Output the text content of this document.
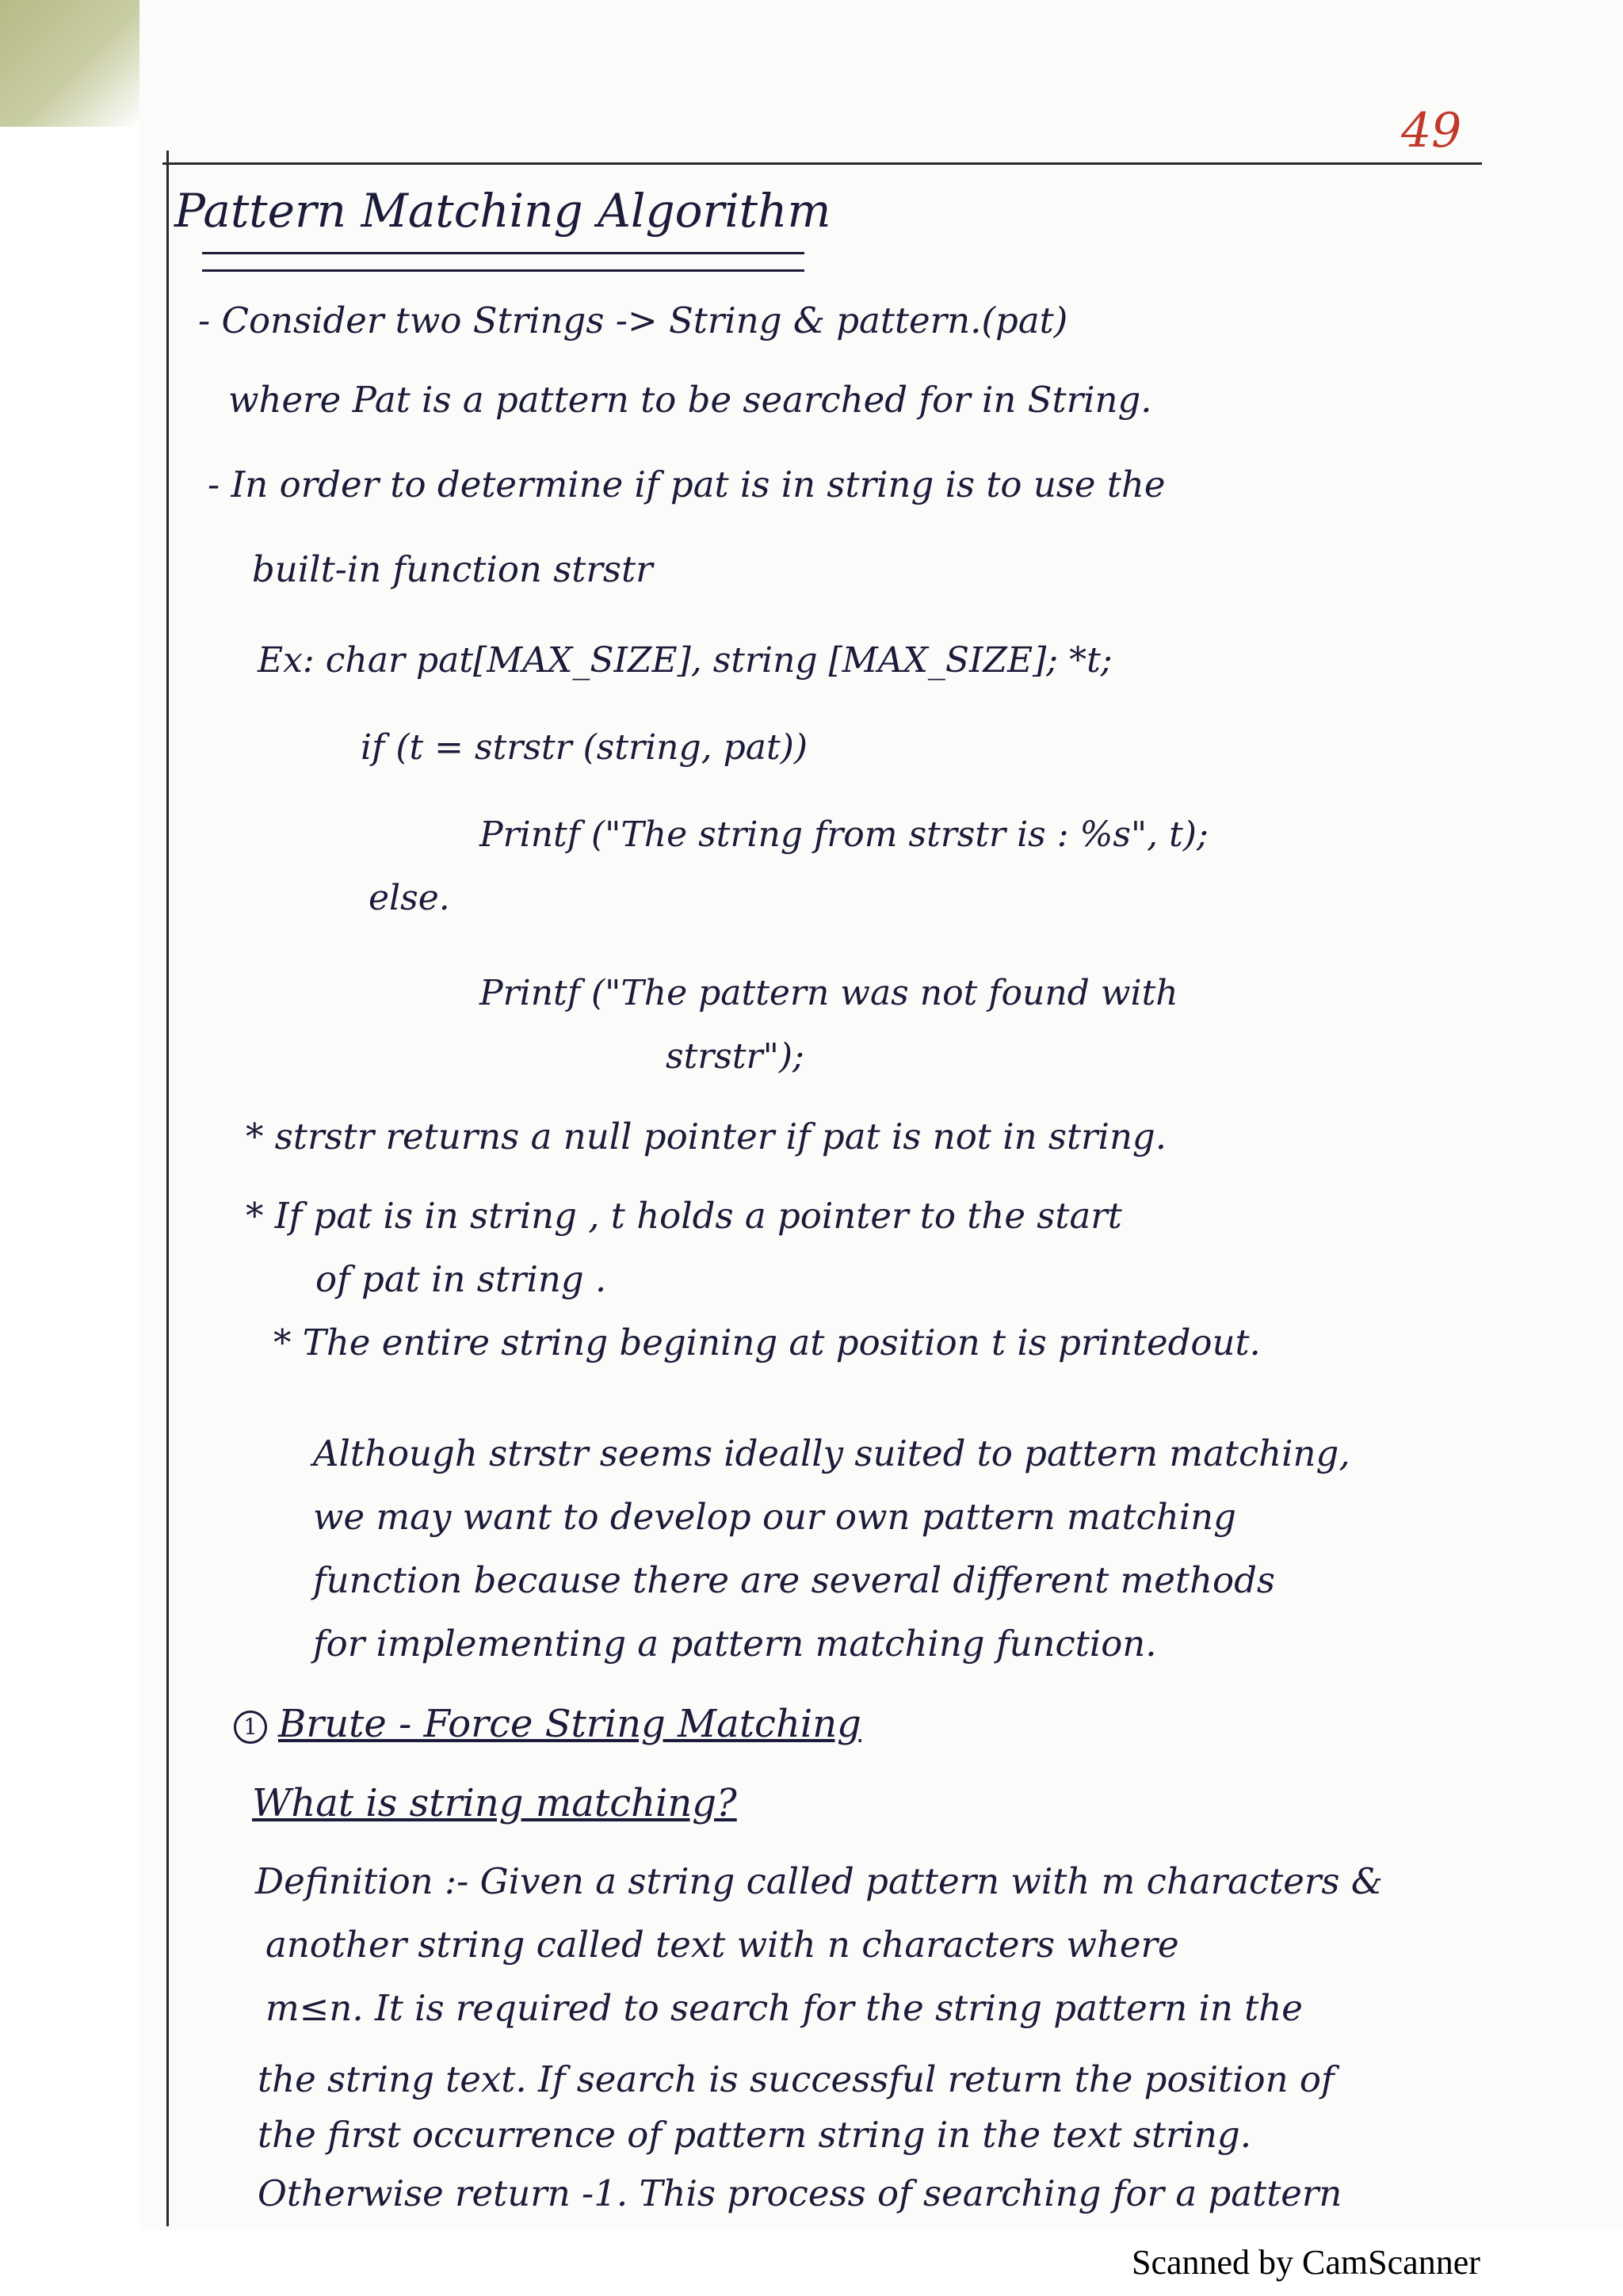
49
Pattern Matching Algorithm
- Consider two Strings -> String & pattern.(pat)
where Pat is a pattern to be searched for in String.
- In order to determine if pat is in string is to use the
built-in function strstr
Ex: char pat[MAX_SIZE], string [MAX_SIZE]; *t;
if (t = strstr (string, pat))
Printf ("The string from strstr is : %s", t);
else.
Printf ("The pattern was not found with
strstr");
* strstr returns a null pointer if pat is not in string.
* If pat is in string , t holds a pointer to the start
of pat in string .
* The entire string begining at position t is printedout.
Although strstr seems ideally suited to pattern matching,
we may want to develop our own pattern matching
function because there are several different methods
for implementing a pattern matching function.
1 Brute - Force String Matching
What is string matching?
Definition :- Given a string called pattern with m characters &
another string called text with n characters where
m≤n. It is required to search for the string pattern in the
the string text. If search is successful return the position of
the first occurrence of pattern string in the text string.
Otherwise return -1. This process of searching for a pattern
Scanned by CamScanner
